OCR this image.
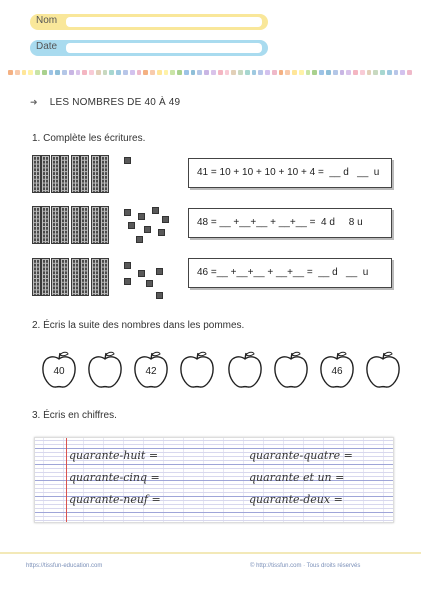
Nom
Date
➜ LES NOMBRES DE 40 À 49
1. Complète les écritures.
41 = 10 + 10 + 10 + 10 + 4 =  __ d   __  u
48 = __ +__+__ + __+__ =  4 d     8 u
46 =__ +__+__ + __+__ =  __ d   __  u
2. Écris la suite des nombres dans les pommes.
40	42	46
3. Écris en chiffres.
quarante-huit =
quarante-cinq =
quarante-neuf =
quarante-quatre =
quarante et un =
quarante-deux =
https://tissfun-education.com	© http://tissfun.com · Tous droits réservés
